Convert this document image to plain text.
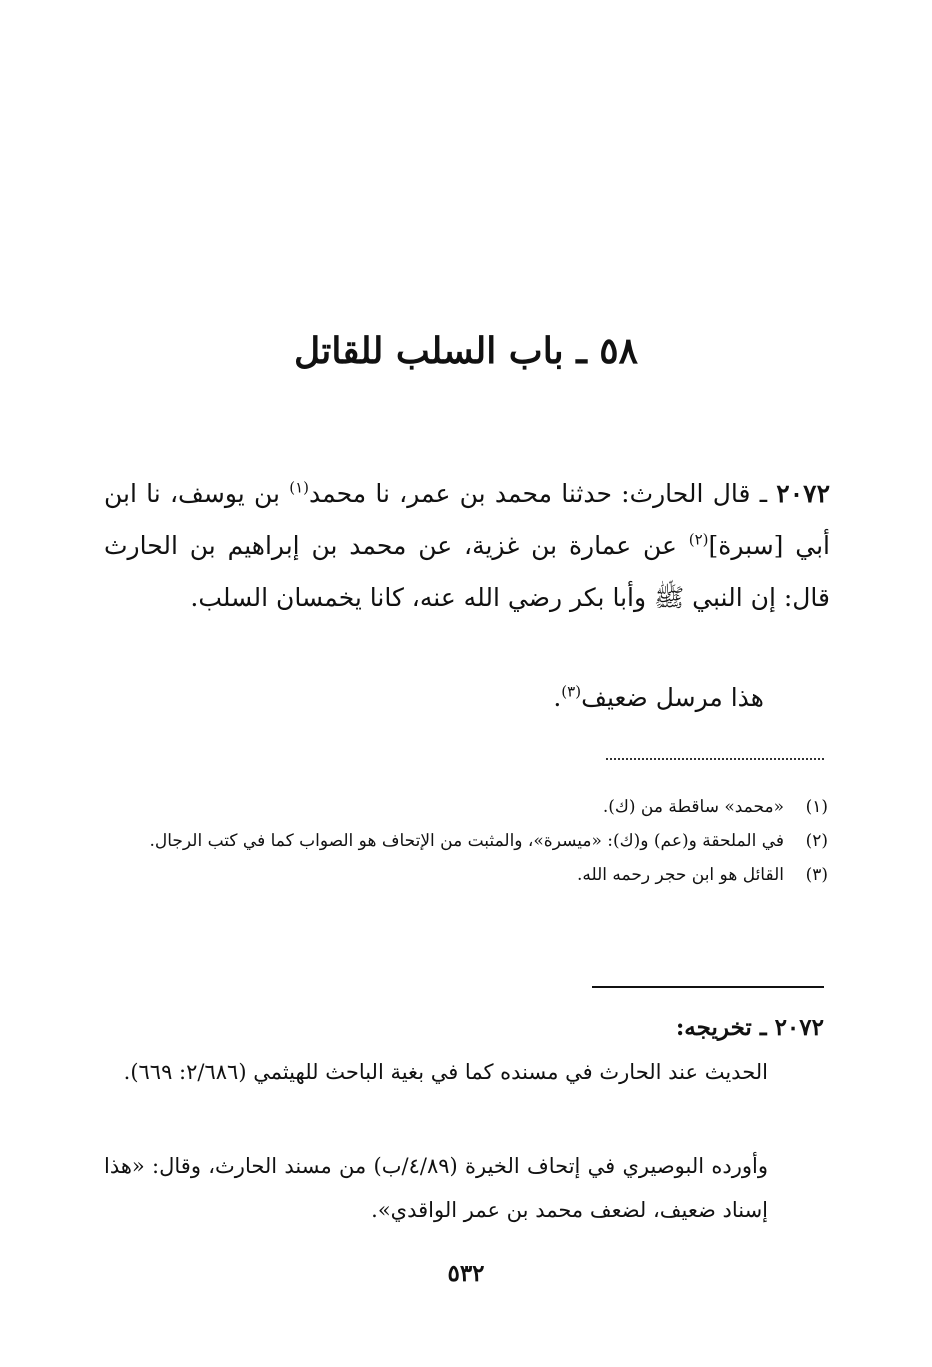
٥٨ ـ باب السلب للقاتل

٢٠٧٢ ـ قال الحارث: حدثنا محمد بن عمر، نا محمد$^{(١)}$ بن يوسف، نا ابن أبي [سبرة]$^{(٢)}$ عن عمارة بن غزية، عن محمد بن إبراهيم بن الحارث قال: إن النبي ﷺ وأبا بكر رضي الله عنه، كانا يخمسان السلب.

هذا مرسل ضعيف$^{(٣)}$.

(١)
«محمد» ساقطة من (ك).
(٢)
في الملحقة و(عم) و(ك): «ميسرة»، والمثبت من الإتحاف هو الصواب كما في كتب الرجال.
(٣)
القائل هو ابن حجر رحمه الله.
٢٠٧٢ ـ تخريجه:

الحديث عند الحارث في مسنده كما في بغية الباحث للهيثمي (٢/٦٨٦: ٦٦٩).

وأورده البوصيري في إتحاف الخيرة (٤/٨٩/ب) من مسند الحارث، وقال: «هذا إسناد ضعيف، لضعف محمد بن عمر الواقدي».

٥٣٢
